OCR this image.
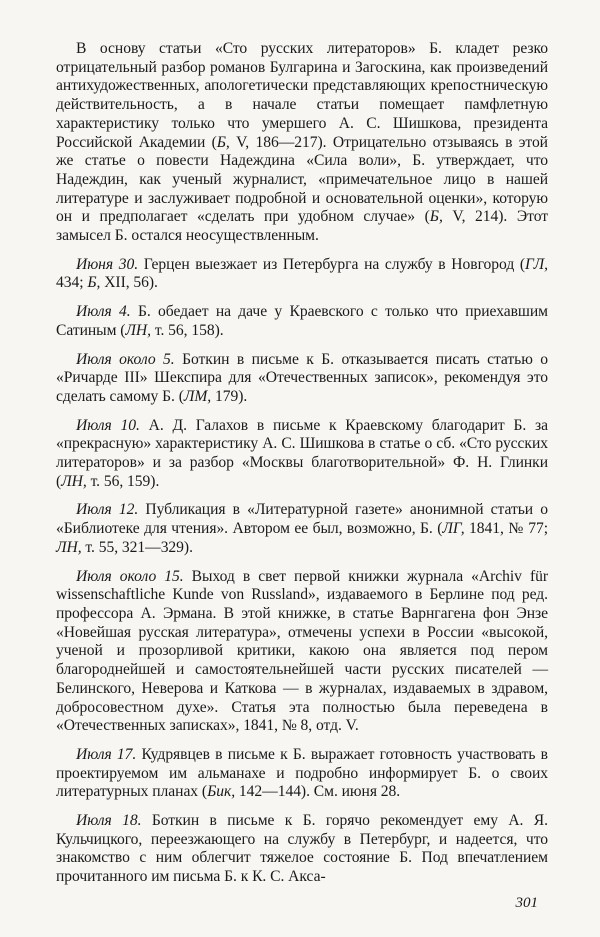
В основу статьи «Сто русских литераторов» Б. кладет резко отрицательный разбор романов Булгарина и Загоскина, как произведений антихудожественных, апологетически представляющих крепостническую действительность, а в начале статьи помещает памфлетную характеристику только что умершего А. С. Шишкова, президента Российской Академии (Б, V, 186—217). Отрицательно отзываясь в этой же статье о повести Надеждина «Сила воли», Б. утверждает, что Надеждин, как ученый журналист, «примечательное лицо в нашей литературе и заслуживает подробной и основательной оценки», которую он и предполагает «сделать при удобном случае» (Б, V, 214). Этот замысел Б. остался неосуществленным.

Июня 30. Герцен выезжает из Петербурга на службу в Новгород (ГЛ, 434; Б, XII, 56).

Июля 4. Б. обедает на даче у Краевского с только что приехавшим Сатиным (ЛН, т. 56, 158).

Июля около 5. Боткин в письме к Б. отказывается писать статью о «Ричарде III» Шекспира для «Отечественных записок», рекомендуя это сделать самому Б. (ЛМ, 179).

Июля 10. А. Д. Галахов в письме к Краевскому благодарит Б. за «прекрасную» характеристику А. С. Шишкова в статье о сб. «Сто русских литераторов» и за разбор «Москвы благотворительной» Ф. Н. Глинки (ЛН, т. 56, 159).

Июля 12. Публикация в «Литературной газете» анонимной статьи о «Библиотеке для чтения». Автором ее был, возможно, Б. (ЛГ, 1841, № 77; ЛН, т. 55, 321—329).

Июля около 15. Выход в свет первой книжки журнала «Archiv für wissenschaftliche Kunde von Russland», издаваемого в Берлине под ред. профессора А. Эрмана. В этой книжке, в статье Варнгагена фон Энзе «Новейшая русская литература», отмечены успехи в России «высокой, ученой и прозорливой критики, какою она является под пером благороднейшей и самостоятельнейшей части русских писателей — Белинского, Неверова и Каткова — в журналах, издаваемых в здравом, добросовестном духе». Статья эта полностью была переведена в «Отечественных записках», 1841, № 8, отд. V.

Июля 17. Кудрявцев в письме к Б. выражает готовность участвовать в проектируемом им альманахе и подробно информирует Б. о своих литературных планах (Бик, 142—144). См. июня 28.

Июля 18. Боткин в письме к Б. горячо рекомендует ему А. Я. Кульчицкого, переезжающего на службу в Петербург, и надеется, что знакомство с ним облегчит тяжелое состояние Б. Под впечатлением прочитанного им письма Б. к К. С. Акса-

301
